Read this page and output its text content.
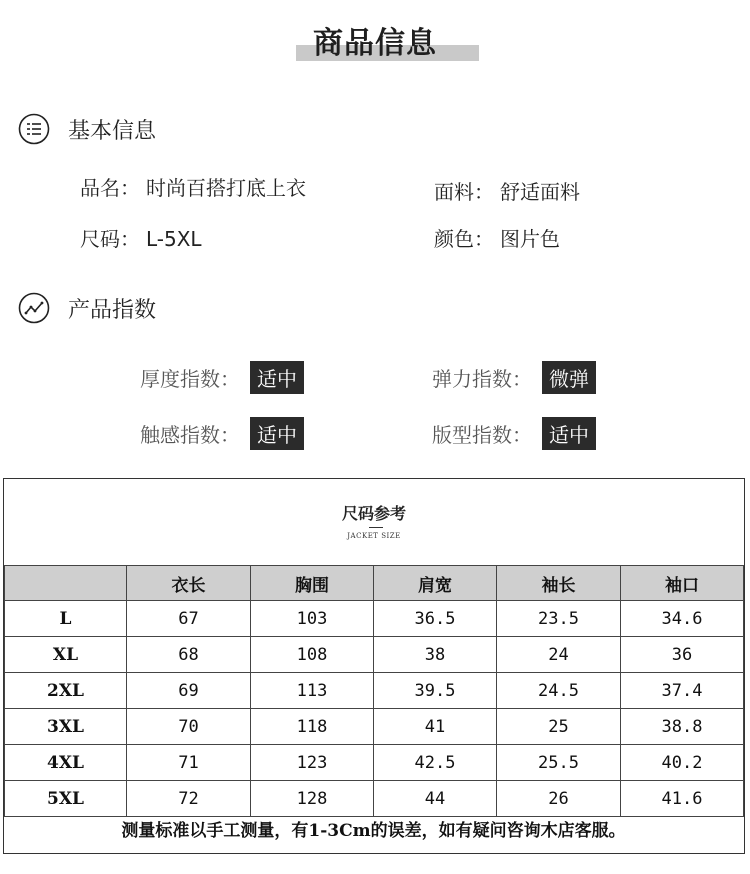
商品信息
基本信息
品名： 时尚百搭打底上衣	面料： 舒适面料
尺码： L-5XL	颜色： 图片色
产品指数
厚度指数 ： 适中	弹力指数 ： 微弹
触感指数 ： 适中	版型指数 ： 适中
尺码参考
JACKET SIZE
	衣长	胸围	肩宽	袖长	袖口
L	67	103	36.5	23.5	34.6
XL	68	108	38	24	36
2XL	69	113	39.5	24.5	37.4
3XL	70	118	41	25	38.8
4XL	71	123	42.5	25.5	40.2
5XL	72	128	44	26	41.6
测量标准以手工测量，有1-3Cm的误差，如有疑问咨询木店客服。
